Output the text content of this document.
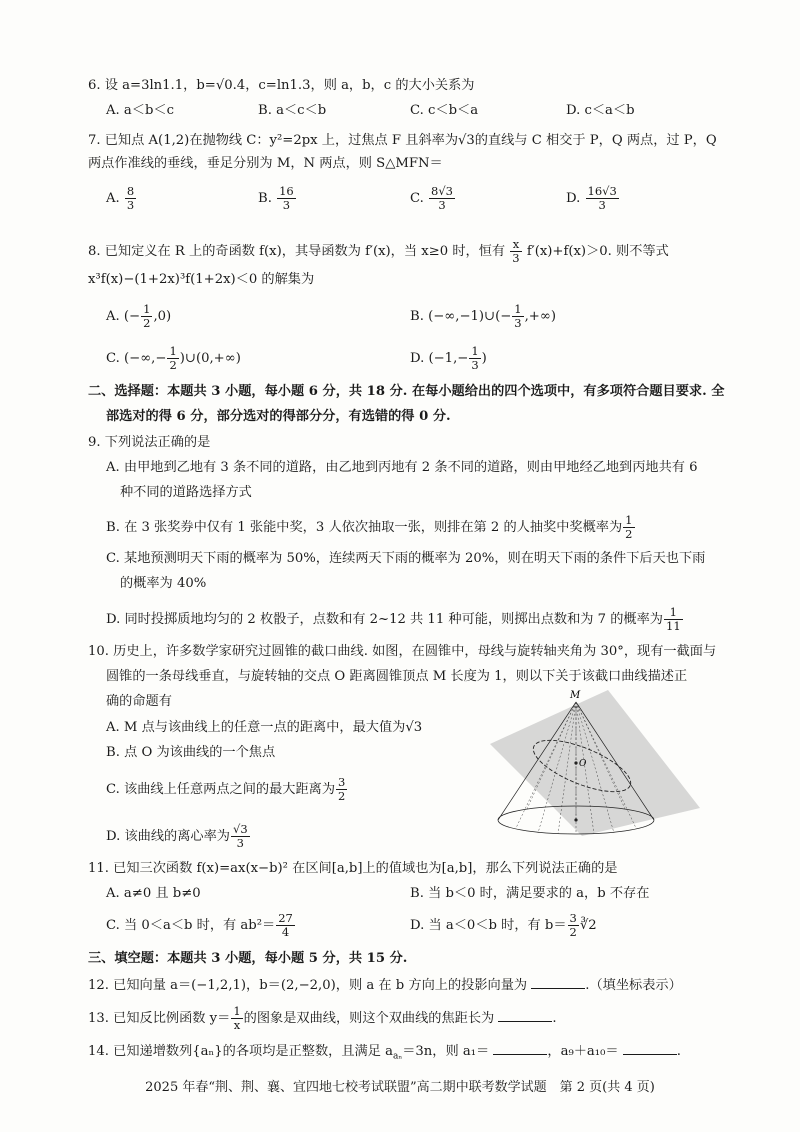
6. 设 a=3ln1.1，b=√0.4，c=ln1.3，则 a，b，c 的大小关系为
A. a＜b＜c	B. a＜c＜b	C. c＜b＜a	D. c＜a＜b
7. 已知点 A(1,2)在抛物线 C：y²=2px 上，过焦点 F 且斜率为√3的直线与 C 相交于 P，Q 两点，过 P，Q
两点作准线的垂线，垂足分别为 M，N 两点，则 S△MFN＝
A. $\frac{8}{3}$	B. $\frac{16}{3}$	C. $\frac{8√3}{3}$	D. $\frac{16√3}{3}$
8. 已知定义在 R 上的奇函数 f(x)，其导函数为 f′(x)，当 x≥0 时，恒有 $\frac{x}{3} f'(x)+f(x)>0$. 则不等式
x³f(x)−(1+2x)³f(1+2x)＜0 的解集为
A. (− $\frac{1}{2} ,0$)	B. (−∞,−1)∪(− $\frac{1}{3}$ ,+∞)
C. (−∞,− $\frac{1}{2}$ )∪(0,+∞)	D. ($-1,- \frac{1}{3}$ )
二、选择题：本题共 3 小题，每小题 6 分，共 18 分. 在每小题给出的四个选项中，有多项符合题目要求. 全
部选对的得 6 分，部分选对的得部分分，有选错的得 0 分.
9. 下列说法正确的是
A. 由甲地到乙地有 3 条不同的道路，由乙地到丙地有 2 条不同的道路，则由甲地经乙地到丙地共有 6
种不同的道路选择方式
B. 在 3 张奖券中仅有 1 张能中奖，3 人依次抽取一张，则排在第 2 的人抽奖中奖概率为 $\frac{1}{2}$
C. 某地预测明天下雨的概率为 50%，连续两天下雨的概率为 20%，则在明天下雨的条件下后天也下雨
的概率为 40%
D. 同时投掷质地均匀的 2 枚骰子，点数和有 2~12 共 11 种可能，则掷出点数和为 7 的概率为 $\frac{1}{11}$
10. 历史上，许多数学家研究过圆锥的截口曲线. 如图，在圆锥中，母线与旋转轴夹角为 30°，现有一截面与
圆锥的一条母线垂直，与旋转轴的交点 O 距离圆锥顶点 M 长度为 1，则以下关于该截口曲线描述正
确的命题有
A. M 点与该曲线上的任意一点的距离中，最大值为√3
B. 点 O 为该曲线的一个焦点
C. 该曲线上任意两点之间的最大距离为 $\frac{3}{2}$
D. 该曲线的离心率为 $\frac{√3}{3}$
M
O
11. 已知三次函数 f(x)=ax(x−b)² 在区间[a,b]上的值域也为[a,b]，那么下列说法正确的是
A. a≠0 且 b≠0	B. 当 b＜0 时，满足要求的 a，b 不存在
C. 当 0＜a＜b 时，有 $ab^2= \frac{27}{4}$	D. 当 a＜0＜b 时，有 $b= \frac{3}{2}$ ∛2
三、填空题：本题共 3 小题，每小题 5 分，共 15 分.
12. 已知向量 a＝(−1,2,1)，b＝(2,−2,0)，则 a 在 b 方向上的投影向量为	.（填坐标表示）
13. 已知反比例函数 $y= \frac{1}{x}$ 的图象是双曲线，则这个双曲线的焦距长为	.
14. 已知递增数列{aₙ}的各项均是正整数，且满足 $a_{a_n}=3n$，则 a₁＝	，a₉＋a₁₀＝	.
2025 年春“荆、荆、襄、宜四地七校考试联盟”高二期中联考数学试题　第 2 页(共 4 页)
